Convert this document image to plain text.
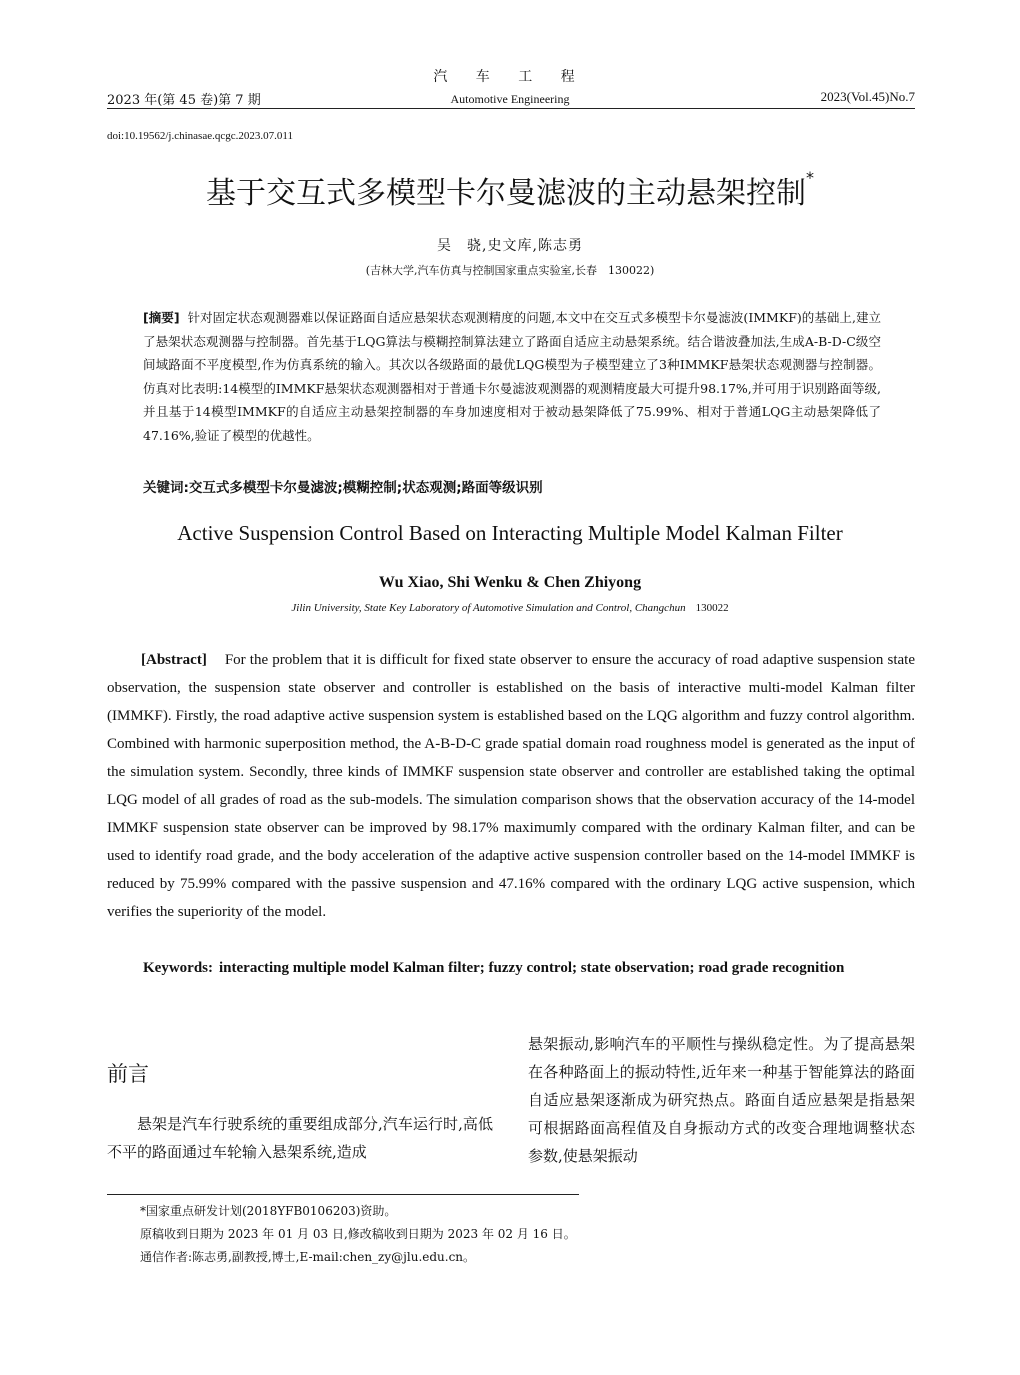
汽 车 工 程
2023 年(第 45 卷)第 7 期	Automotive Engineering	2023(Vol.45)No.7
doi:10.19562/j.chinasae.qcgc.2023.07.011
基于交互式多模型卡尔曼滤波的主动悬架控制*
吴　骁,史文库,陈志勇
(吉林大学,汽车仿真与控制国家重点实验室,长春　130022)
[摘要] 针对固定状态观测器难以保证路面自适应悬架状态观测精度的问题,本文中在交互式多模型卡尔曼滤波(IMMKF)的基础上,建立了悬架状态观测器与控制器。首先基于LQG算法与模糊控制算法建立了路面自适应主动悬架系统。结合谐波叠加法,生成A-B-D-C级空间域路面不平度模型,作为仿真系统的输入。其次以各级路面的最优LQG模型为子模型建立了3种IMMKF悬架状态观测器与控制器。仿真对比表明:14模型的IMMKF悬架状态观测器相对于普通卡尔曼滤波观测器的观测精度最大可提升98.17%,并可用于识别路面等级,并且基于14模型IMMKF的自适应主动悬架控制器的车身加速度相对于被动悬架降低了75.99%、相对于普通LQG主动悬架降低了47.16%,验证了模型的优越性。
关键词:交互式多模型卡尔曼滤波;模糊控制;状态观测;路面等级识别
Active Suspension Control Based on Interacting Multiple Model Kalman Filter
Wu Xiao, Shi Wenku & Chen Zhiyong
Jilin University, State Key Laboratory of Automotive Simulation and Control, Changchun 130022
[Abstract] For the problem that it is difficult for fixed state observer to ensure the accuracy of road adaptive suspension state observation, the suspension state observer and controller is established on the basis of interactive multi-model Kalman filter (IMMKF). Firstly, the road adaptive active suspension system is established based on the LQG algorithm and fuzzy control algorithm. Combined with harmonic superposition method, the A-B-D-C grade spatial domain road roughness model is generated as the input of the simulation system. Secondly, three kinds of IMMKF suspension state observer and controller are established taking the optimal LQG model of all grades of road as the sub-models. The simulation comparison shows that the observation accuracy of the 14-model IMMKF suspension state observer can be improved by 98.17% maximumly compared with the ordinary Kalman filter, and can be used to identify road grade, and the body acceleration of the adaptive active suspension controller based on the 14-model IMMKF is reduced by 75.99% compared with the passive suspension and 47.16% compared with the ordinary LQG active suspension, which verifies the superiority of the model.
Keywords: interacting multiple model Kalman filter; fuzzy control; state observation; road grade recognition
前言
悬架是汽车行驶系统的重要组成部分,汽车运行时,高低不平的路面通过车轮输入悬架系统,造成
悬架振动,影响汽车的平顺性与操纵稳定性。为了提高悬架在各种路面上的振动特性,近年来一种基于智能算法的路面自适应悬架逐渐成为研究热点。路面自适应悬架是指悬架可根据路面高程值及自身振动方式的改变合理地调整状态参数,使悬架振动
*国家重点研发计划(2018YFB0106203)资助。
原稿收到日期为 2023 年 01 月 03 日,修改稿收到日期为 2023 年 02 月 16 日。
通信作者:陈志勇,副教授,博士,E-mail:chen_zy@jlu.edu.cn。
